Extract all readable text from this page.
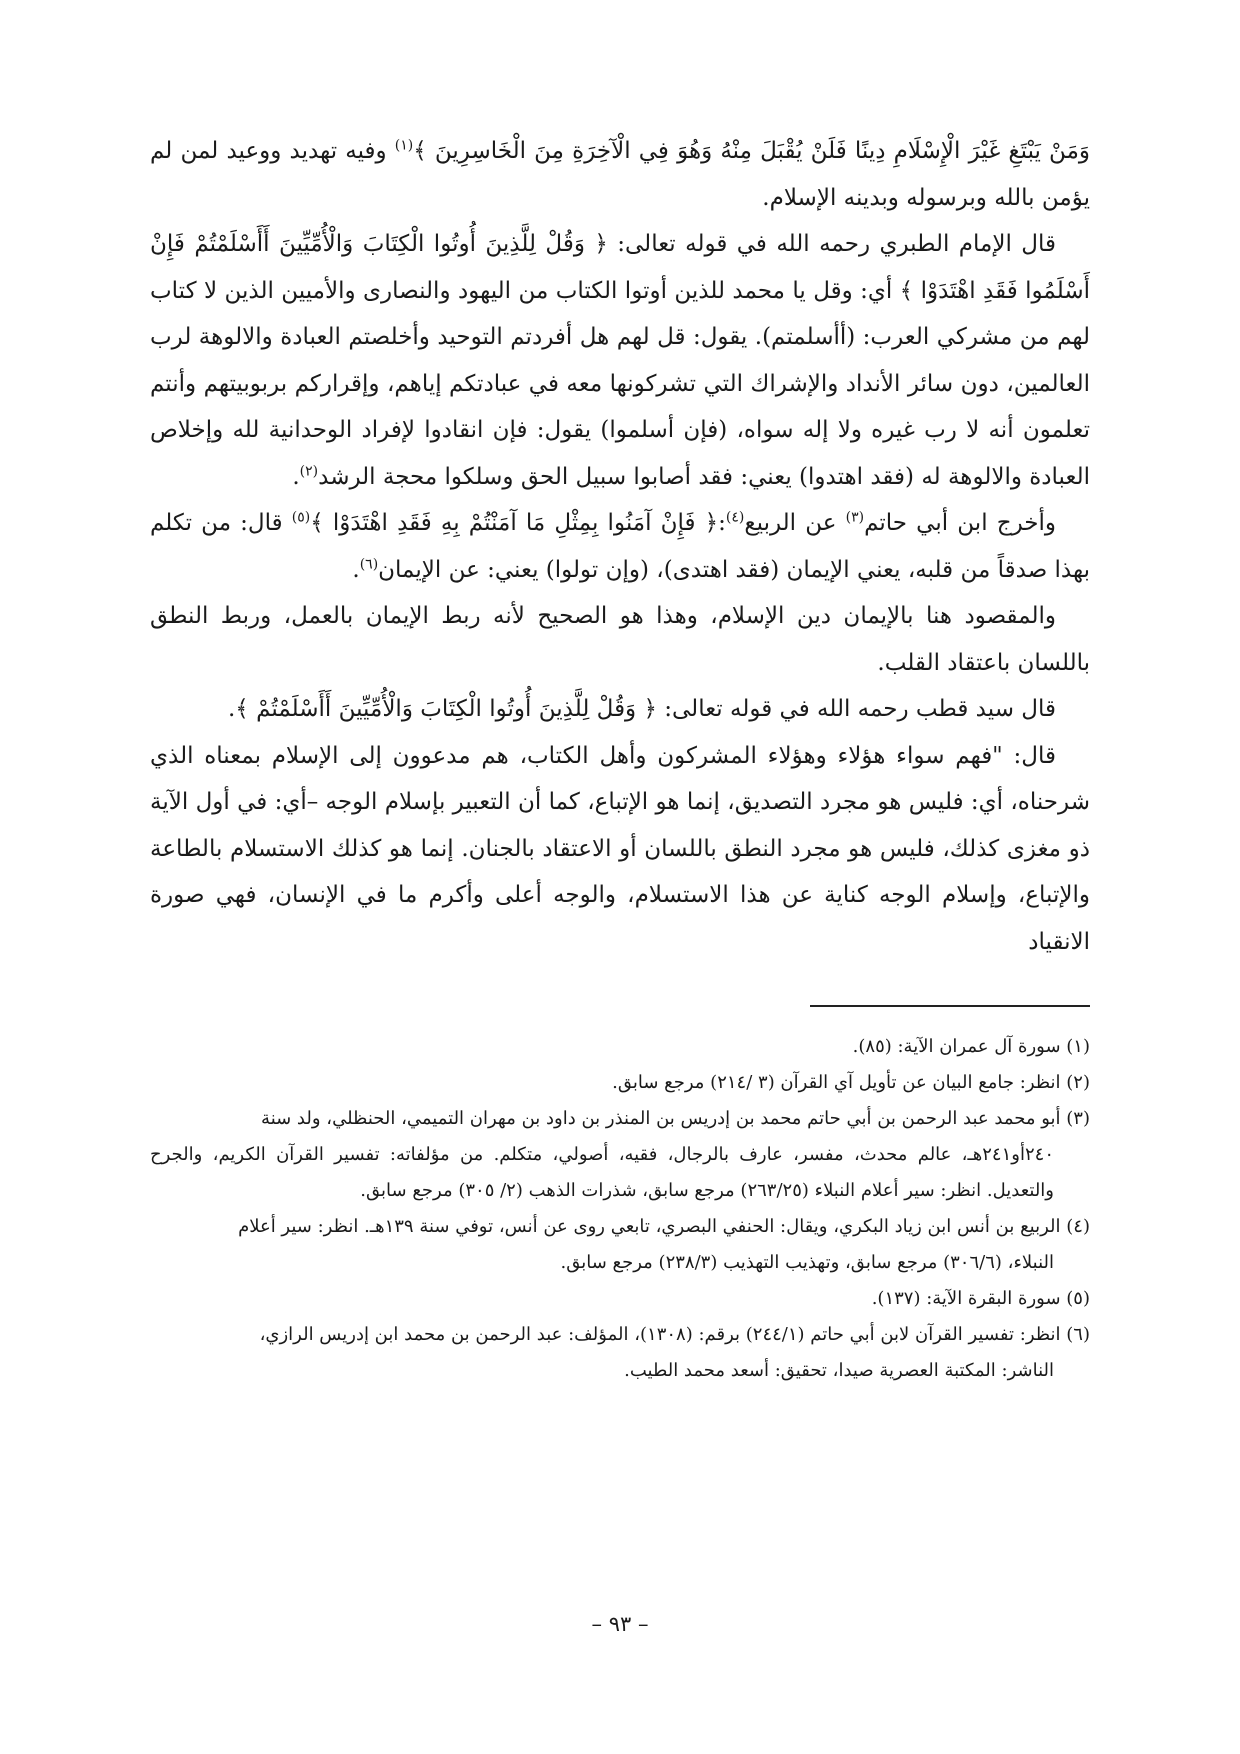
وَمَنْ يَبْتَغِ غَيْرَ الْإِسْلَامِ دِينًا فَلَنْ يُقْبَلَ مِنْهُ وَهُوَ فِي الْآخِرَةِ مِنَ الْخَاسِرِينَ ﴾$^{(١)}$ وفيه تهديد ووعيد لمن لم يؤمن بالله وبرسوله وبدينه الإسلام.

قال الإمام الطبري رحمه الله في قوله تعالى: ﴿ وَقُلْ لِلَّذِينَ أُوتُوا الْكِتَابَ وَالْأُمِّيِّينَ أَأَسْلَمْتُمْ فَإِنْ أَسْلَمُوا فَقَدِ اهْتَدَوْا ﴾ أي: وقل يا محمد للذين أوتوا الكتاب من اليهود والنصارى والأميين الذين لا كتاب لهم من مشركي العرب: (أأسلمتم). يقول: قل لهم هل أفردتم التوحيد وأخلصتم العبادة والالوهة لرب العالمين، دون سائر الأنداد والإشراك التي تشركونها معه في عبادتكم إياهم، وإقراركم بربوبيتهم وأنتم تعلمون أنه لا رب غيره ولا إله سواه، (فإن أسلموا) يقول: فإن انقادوا لإفراد الوحدانية لله وإخلاص العبادة والالوهة له (فقد اهتدوا) يعني: فقد أصابوا سبيل الحق وسلكوا محجة الرشد$^{(٢)}$.

وأخرج ابن أبي حاتم$^{(٣)}$ عن الربيع$^{(٤)}$:﴿ فَإِنْ آمَنُوا بِمِثْلِ مَا آمَنْتُمْ بِهِ فَقَدِ اهْتَدَوْا ﴾$^{(٥)}$ قال: من تكلم بهذا صدقاً من قلبه، يعني الإيمان (فقد اهتدى)، (وإن تولوا) يعني: عن الإيمان$^{(٦)}$.

والمقصود هنا بالإيمان دين الإسلام، وهذا هو الصحيح لأنه ربط الإيمان بالعمل، وربط النطق باللسان باعتقاد القلب.

قال سيد قطب رحمه الله في قوله تعالى: ﴿ وَقُلْ لِلَّذِينَ أُوتُوا الْكِتَابَ وَالْأُمِّيِّينَ أَأَسْلَمْتُمْ ﴾.

قال: "فهم سواء هؤلاء وهؤلاء المشركون وأهل الكتاب، هم مدعوون إلى الإسلام بمعناه الذي شرحناه، أي: فليس هو مجرد التصديق، إنما هو الإتباع، كما أن التعبير بإسلام الوجه –أي: في أول الآية ذو مغزى كذلك، فليس هو مجرد النطق باللسان أو الاعتقاد بالجنان. إنما هو كذلك الاستسلام بالطاعة والإتباع، وإسلام الوجه كناية عن هذا الاستسلام، والوجه أعلى وأكرم ما في الإنسان، فهي صورة الانقياد

(١) سورة آل عمران الآية: (٨٥).

(٢) انظر: جامع البيان عن تأويل آي القرآن (٣ /٢١٤) مرجع سابق.

(٣) أبو محمد عبد الرحمن بن أبي حاتم محمد بن إدريس بن المنذر بن داود بن مهران التميمي، الحنظلي، ولد سنة
٢٤٠أو٢٤١هـ، عالم محدث، مفسر، عارف بالرجال، فقيه، أصولي، متكلم. من مؤلفاته: تفسير القرآن الكريم، والجرح والتعديل. انظر: سير أعلام النبلاء (٢٦٣/٢٥) مرجع سابق، شذرات الذهب (٢/ ٣٠٥) مرجع سابق.

(٤) الربيع بن أنس ابن زياد البكري، ويقال: الحنفي البصري، تابعي روى عن أنس، توفي سنة ١٣٩هـ. انظر: سير أعلام
النبلاء، (٣٠٦/٦) مرجع سابق، وتهذيب التهذيب (٢٣٨/٣) مرجع سابق.

(٥) سورة البقرة الآية: (١٣٧).

(٦) انظر: تفسير القرآن لابن أبي حاتم (٢٤٤/١) برقم: (١٣٠٨)، المؤلف: عبد الرحمن بن محمد ابن إدريس الرازي،
الناشر: المكتبة العصرية صيدا، تحقيق: أسعد محمد الطيب.

– ٩٣ –
